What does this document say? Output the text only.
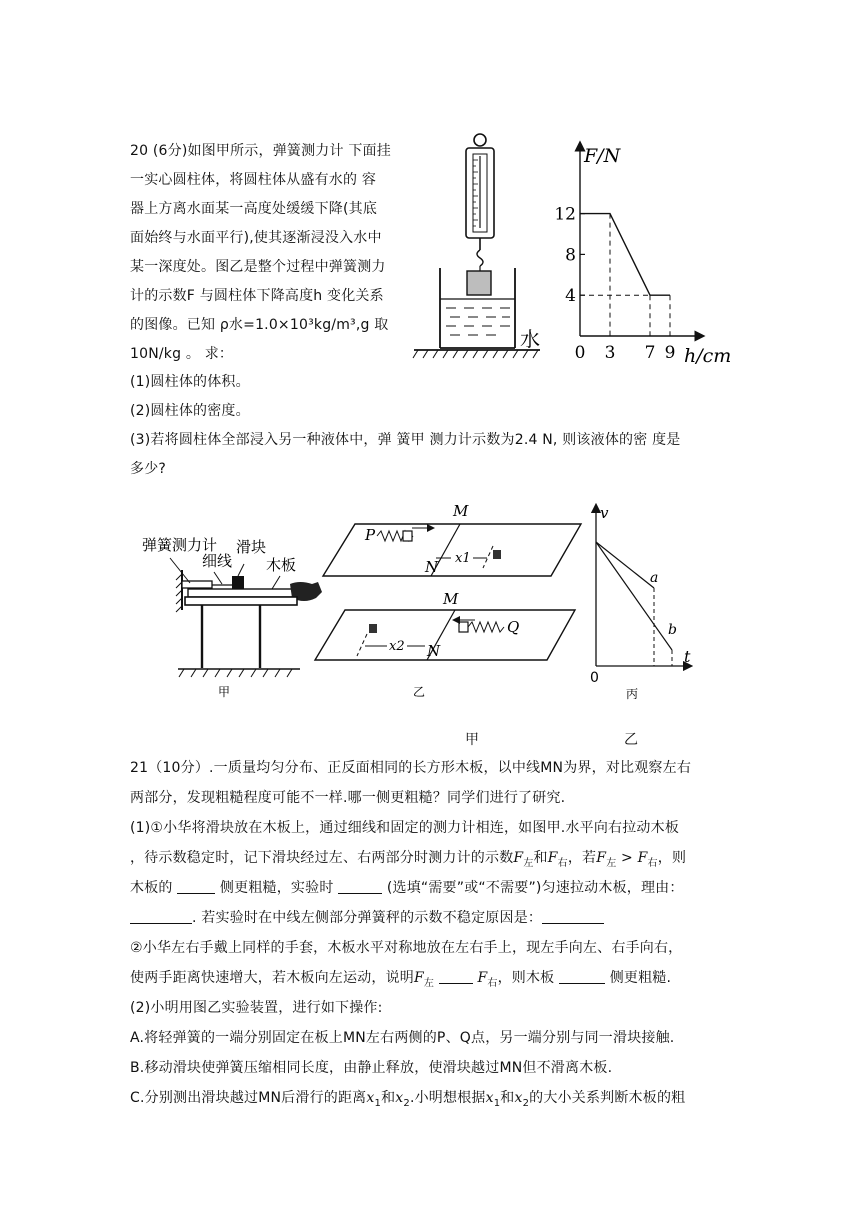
20 (6分)如图甲所示，弹簧测力计 下面挂
一实心圆柱体，将圆柱体从盛有水的 容
器上方离水面某一高度处缓缓下降(其底
面始终与水面平行),使其逐渐浸没入水中
某一深度处。图乙是整个过程中弹簧测力
计的示数F 与圆柱体下降高度h 变化关系
的图像。已知 ρ水=1.0×10³kg/m³,g 取
10N/kg 。 求：
(1)圆柱体的体积。
(2)圆柱体的密度。
(3)若将圆柱体全部浸入另一种液体中，弹 簧甲 测力计示数为2.4 N, 则该液体的密 度是
多少?
水
F/N
h/cm
12
8
4
0 3 7 9
弹簧测力计
细线
滑块
木板
甲
M
N
P
x1
M
N
Q
x2
乙
v
t
0
a
b
丙
甲	乙
21（10分）.一质量均匀分布、正反面相同的长方形木板，以中线MN为界，对比观察左右
两部分，发现粗糙程度可能不一样.哪一侧更粗糙？同学们进行了研究.
(1)①小华将滑块放在木板上，通过细线和固定的测力计相连，如图甲.水平向右拉动木板
，待示数稳定时，记下滑块经过左、右两部分时测力计的示数$F_左$和$F_右$，若$F_左 > F_右$，则
木板的	侧更粗糙，实验时	(选填“需要”或“不需要”)匀速拉动木板，理由：
. 若实验时在中线左侧部分弹簧秤的示数不稳定原因是：
②小华左右手戴上同样的手套，木板水平对称地放在左右手上，现左手向左、右手向右，
使两手距离快速增大，若木板向左运动，说明$F_左$	$F_右$，则木板	侧更粗糙.
(2)小明用图乙实验装置，进行如下操作:
A.将轻弹簧的一端分别固定在板上MN左右两侧的P、Q点，另一端分别与同一滑块接触.
B.移动滑块使弹簧压缩相同长度，由静止释放，使滑块越过MN但不滑离木板.
C.分别测出滑块越过MN后滑行的距离$x_1$和$x_2$.小明想根据$x_1$和$x_2$的大小关系判断木板的粗
